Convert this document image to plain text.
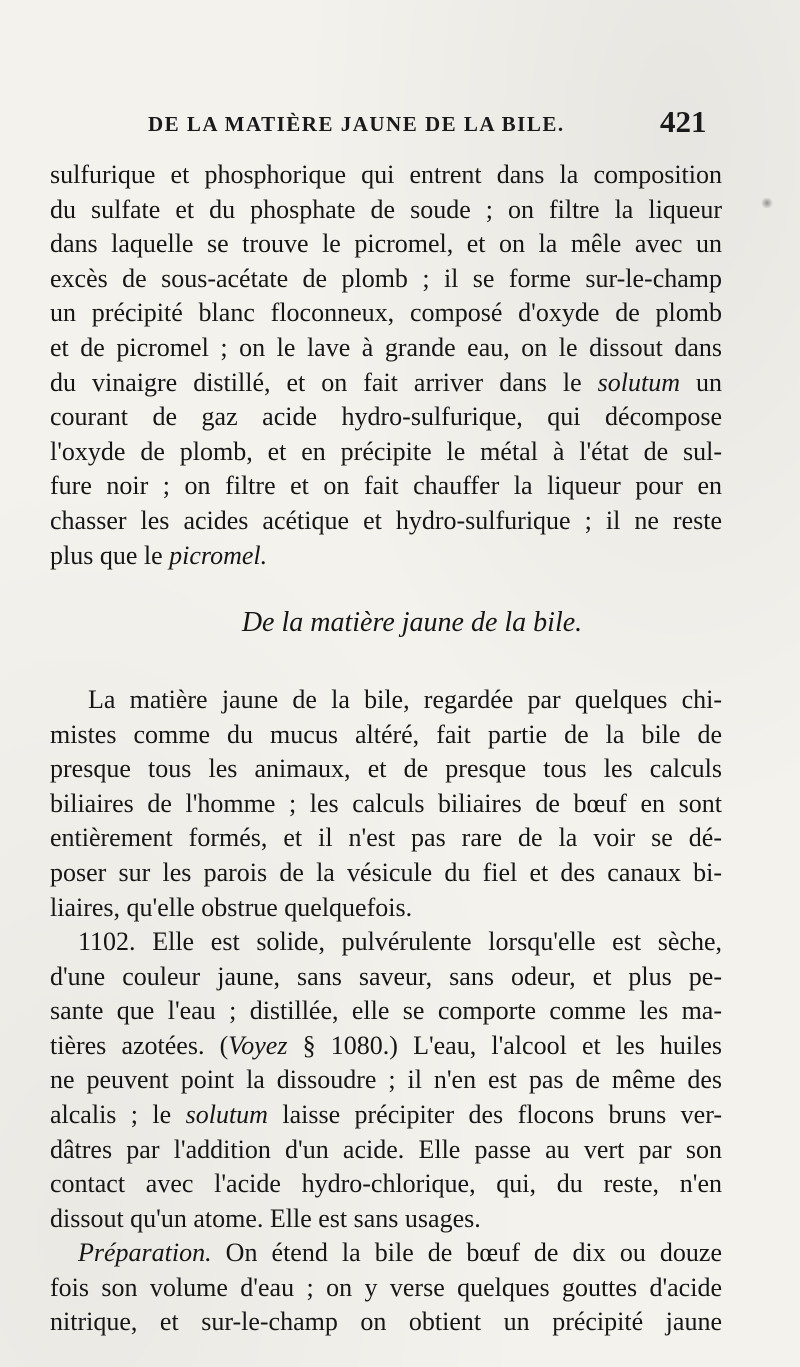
DE LA MATIÈRE JAUNE DE LA BILE.	421
sulfurique et phosphorique qui entrent dans la composition
du sulfate et du phosphate de soude ; on filtre la liqueur
dans laquelle se trouve le picromel, et on la mêle avec un
excès de sous-acétate de plomb ; il se forme sur-le-champ
un précipité blanc floconneux, composé d'oxyde de plomb
et de picromel ; on le lave à grande eau, on le dissout dans
du vinaigre distillé, et on fait arriver dans le solutum un
courant de gaz acide hydro-sulfurique, qui décompose
l'oxyde de plomb, et en précipite le métal à l'état de sul-
fure noir ; on filtre et on fait chauffer la liqueur pour en
chasser les acides acétique et hydro-sulfurique ; il ne reste
plus que le picromel.
De la matière jaune de la bile.
La matière jaune de la bile, regardée par quelques chi-
mistes comme du mucus altéré, fait partie de la bile de
presque tous les animaux, et de presque tous les calculs
biliaires de l'homme ; les calculs biliaires de bœuf en sont
entièrement formés, et il n'est pas rare de la voir se dé-
poser sur les parois de la vésicule du fiel et des canaux bi-
liaires, qu'elle obstrue quelquefois.
1102. Elle est solide, pulvérulente lorsqu'elle est sèche,
d'une couleur jaune, sans saveur, sans odeur, et plus pe-
sante que l'eau ; distillée, elle se comporte comme les ma-
tières azotées. (Voyez § 1080.) L'eau, l'alcool et les huiles
ne peuvent point la dissoudre ; il n'en est pas de même des
alcalis ; le solutum laisse précipiter des flocons bruns ver-
dâtres par l'addition d'un acide. Elle passe au vert par son
contact avec l'acide hydro-chlorique, qui, du reste, n'en
dissout qu'un atome. Elle est sans usages.
Préparation. On étend la bile de bœuf de dix ou douze
fois son volume d'eau ; on y verse quelques gouttes d'acide
nitrique, et sur-le-champ on obtient un précipité jaune
